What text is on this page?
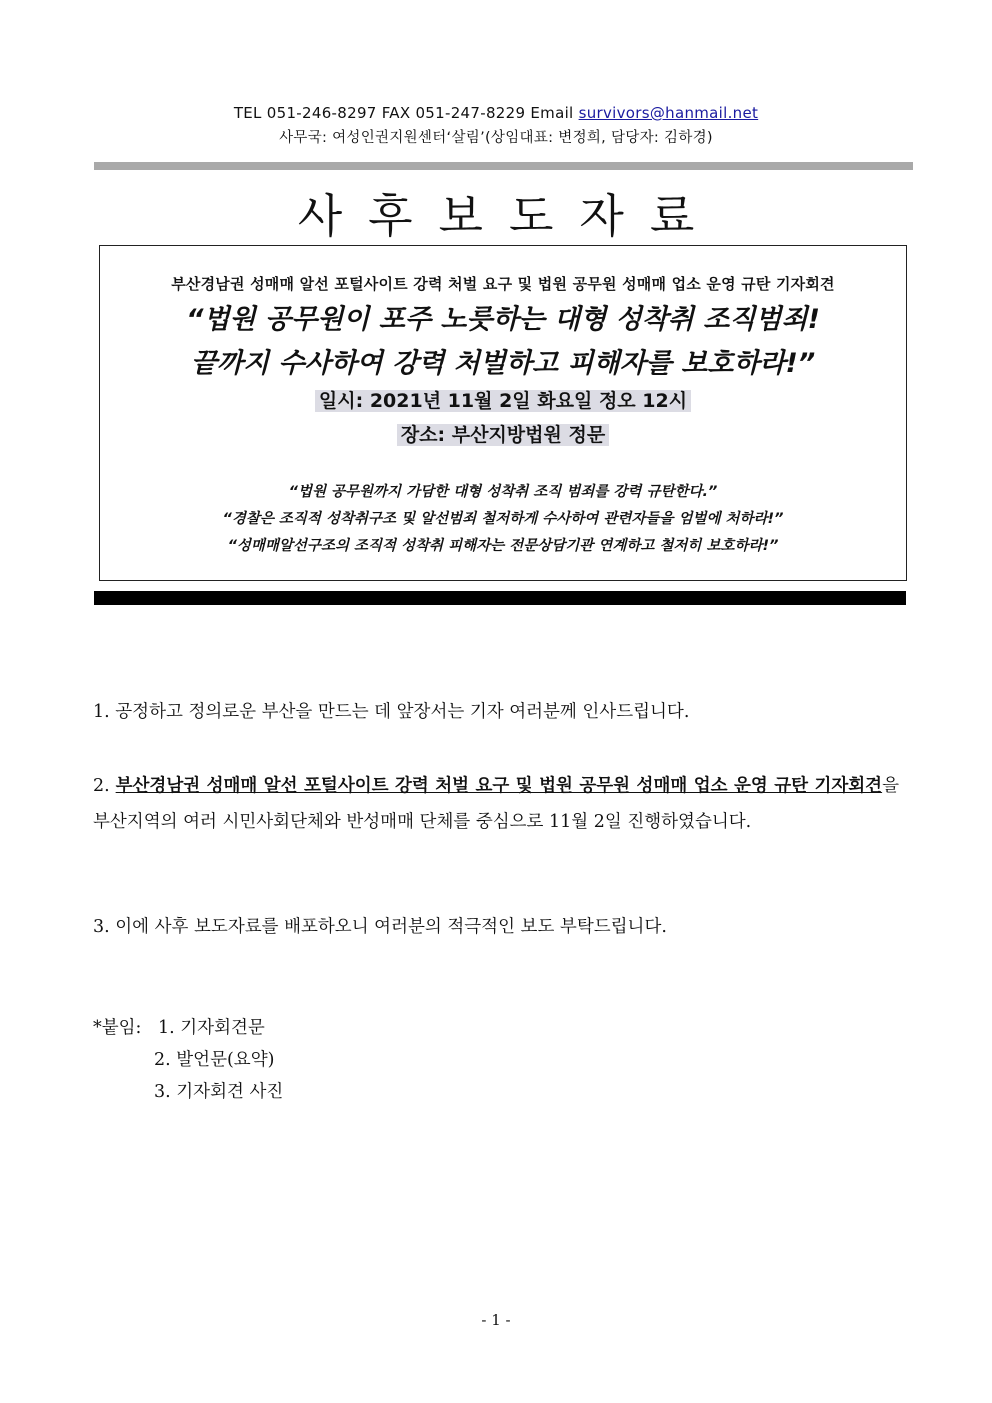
TEL 051-246-8297 FAX 051-247-8229 Email survivors@hanmail.net
사무국: 여성인권지원센터‘살림’(상임대표: 변정희, 담당자: 김하경)
사후보도자료
부산경남권 성매매 알선 포털사이트 강력 처벌 요구 및 법원 공무원 성매매 업소 운영 규탄 기자회견
“법원 공무원이 포주 노릇하는 대형 성착취 조직범죄!
끝까지 수사하여 강력 처벌하고 피해자를 보호하라!”
일시: 2021년 11월 2일 화요일 정오 12시
장소: 부산지방법원 정문
“법원 공무원까지 가담한 대형 성착취 조직 범죄를 강력 규탄한다.”
“경찰은 조직적 성착취구조 및 알선범죄 철저하게 수사하여 관련자들을 엄벌에 처하라!”
“성매매알선구조의 조직적 성착취 피해자는 전문상담기관 연계하고 철저히 보호하라!”
1. 공정하고 정의로운 부산을 만드는 데 앞장서는 기자 여러분께 인사드립니다.
2. 부산경남권 성매매 알선 포털사이트 강력 처벌 요구 및 법원 공무원 성매매 업소 운영 규탄 기자회견을 부산지역의 여러 시민사회단체와 반성매매 단체를 중심으로 11월 2일 진행하였습니다.
3. 이에 사후 보도자료를 배포하오니 여러분의 적극적인 보도 부탁드립니다.
*붙임: 1. 기자회견문
2. 발언문(요약)
3. 기자회견 사진
- 1 -
